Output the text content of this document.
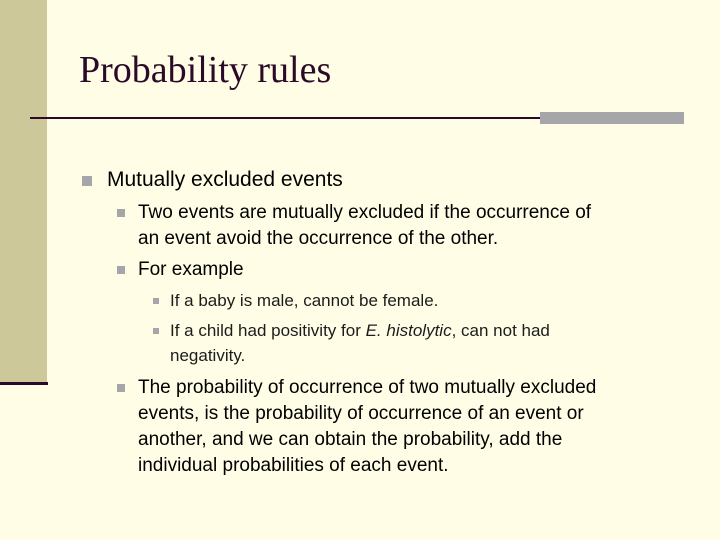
Probability rules
Mutually excluded events
Two events are mutually excluded if the occurrence of
an event avoid the occurrence of the other.
For example
If a baby is male, cannot be female.
If a child had positivity for E. histolytic, can not had
negativity.
The probability of occurrence of two mutually excluded
events, is the probability of occurrence of an event or
another, and we can obtain the probability, add the
individual probabilities of each event.
